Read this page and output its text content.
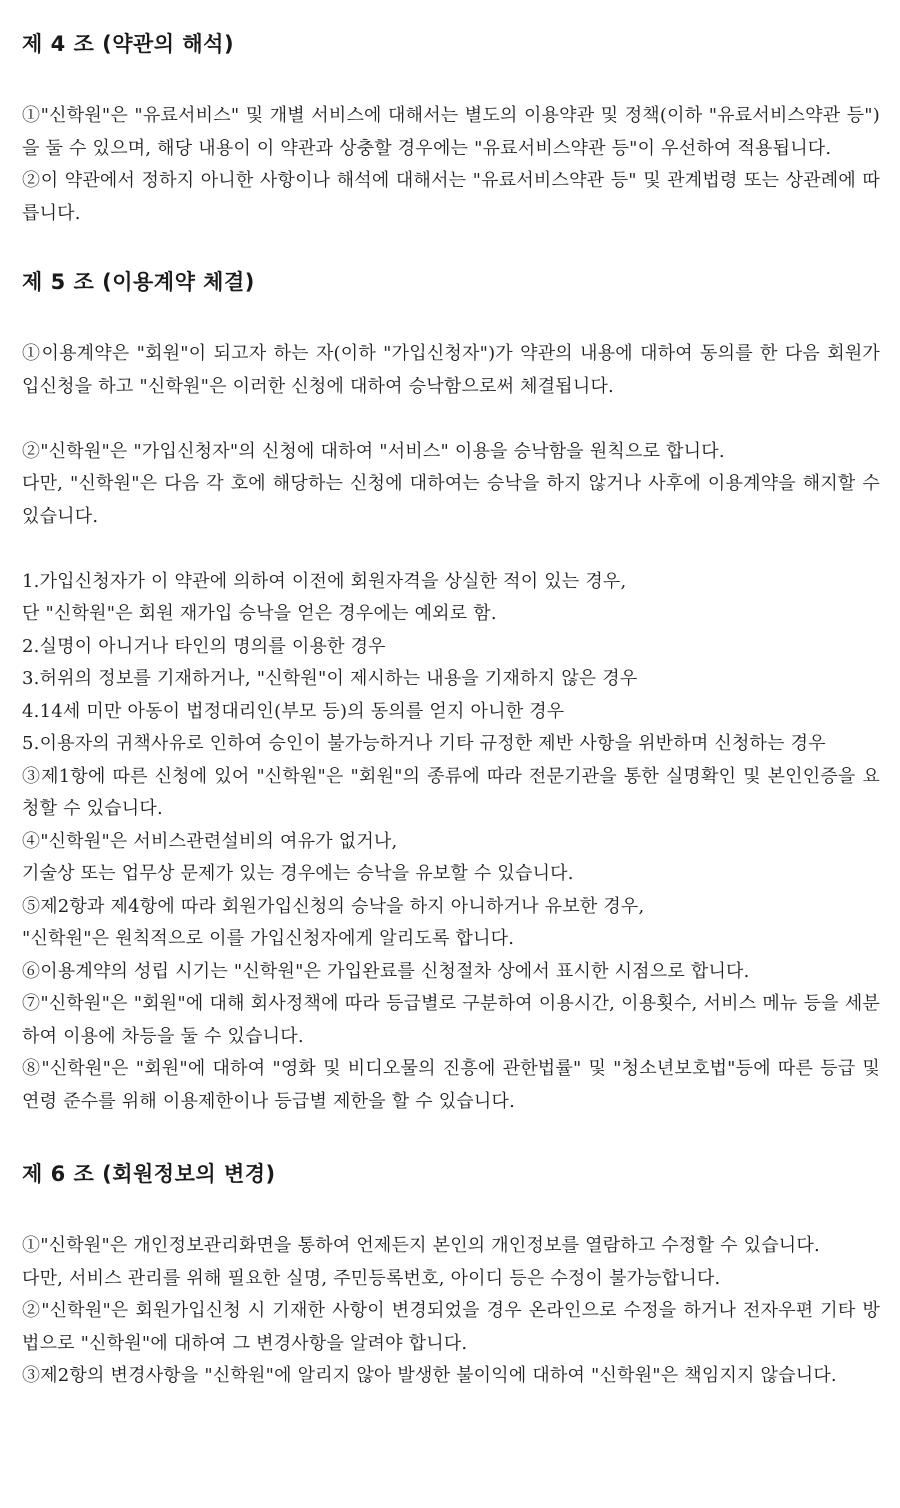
제 4 조 (약관의 해석)

①"신학원"은 "유료서비스" 및 개별 서비스에 대해서는 별도의 이용약관 및 정책(이하 "유료서비스약관 등")을 둘 수 있으며, 해당 내용이 이 약관과 상충할 경우에는 "유료서비스약관 등"이 우선하여 적용됩니다.

②이 약관에서 정하지 아니한 사항이나 해석에 대해서는 "유료서비스약관 등" 및 관계법령 또는 상관례에 따릅니다.

제 5 조 (이용계약 체결)

①이용계약은 "회원"이 되고자 하는 자(이하 "가입신청자")가 약관의 내용에 대하여 동의를 한 다음 회원가입신청을 하고 "신학원"은 이러한 신청에 대하여 승낙함으로써 체결됩니다.

②"신학원"은 "가입신청자"의 신청에 대하여 "서비스" 이용을 승낙함을 원칙으로 합니다.

다만, "신학원"은 다음 각 호에 해당하는 신청에 대하여는 승낙을 하지 않거나 사후에 이용계약을 해지할 수 있습니다.

1.가입신청자가 이 약관에 의하여 이전에 회원자격을 상실한 적이 있는 경우,

단 "신학원"은 회원 재가입 승낙을 얻은 경우에는 예외로 함.

2.실명이 아니거나 타인의 명의를 이용한 경우

3.허위의 정보를 기재하거나, "신학원"이 제시하는 내용을 기재하지 않은 경우

4.14세 미만 아동이 법정대리인(부모 등)의 동의를 얻지 아니한 경우

5.이용자의 귀책사유로 인하여 승인이 불가능하거나 기타 규정한 제반 사항을 위반하며 신청하는 경우

③제1항에 따른 신청에 있어 "신학원"은 "회원"의 종류에 따라 전문기관을 통한 실명확인 및 본인인증을 요청할 수 있습니다.

④"신학원"은 서비스관련설비의 여유가 없거나,

기술상 또는 업무상 문제가 있는 경우에는 승낙을 유보할 수 있습니다.

⑤제2항과 제4항에 따라 회원가입신청의 승낙을 하지 아니하거나 유보한 경우,

"신학원"은 원칙적으로 이를 가입신청자에게 알리도록 합니다.

⑥이용계약의 성립 시기는 "신학원"은 가입완료를 신청절차 상에서 표시한 시점으로 합니다.

⑦"신학원"은 "회원"에 대해 회사정책에 따라 등급별로 구분하여 이용시간, 이용횟수, 서비스 메뉴 등을 세분하여 이용에 차등을 둘 수 있습니다.

⑧"신학원"은 "회원"에 대하여 "영화 및 비디오물의 진흥에 관한법률" 및 "청소년보호법"등에 따른 등급 및 연령 준수를 위해 이용제한이나 등급별 제한을 할 수 있습니다.

제 6 조 (회원정보의 변경)

①"신학원"은 개인정보관리화면을 통하여 언제든지 본인의 개인정보를 열람하고 수정할 수 있습니다.

다만, 서비스 관리를 위해 필요한 실명, 주민등록번호, 아이디 등은 수정이 불가능합니다.

②"신학원"은 회원가입신청 시 기재한 사항이 변경되었을 경우 온라인으로 수정을 하거나 전자우편 기타 방법으로 "신학원"에 대하여 그 변경사항을 알려야 합니다.

③제2항의 변경사항을 "신학원"에 알리지 않아 발생한 불이익에 대하여 "신학원"은 책임지지 않습니다.
